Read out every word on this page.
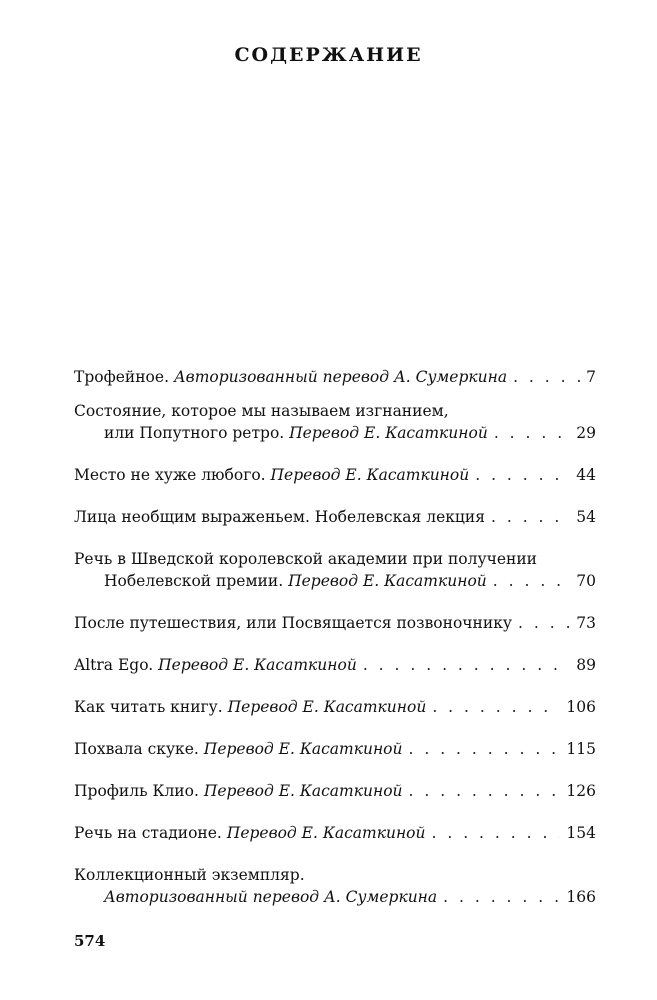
СОДЕРЖАНИЕ
Трофейное. Авторизованный перевод А. Сумеркина . . .	7
Состояние, которое мы называем изгнанием,
или Попутного ретро. Перевод Е. Касаткиной . . .	29
Место не хуже любого. Перевод Е. Касаткиной . . .	44
Лица необщим выраженьем. Нобелевская лекция . . .	54
Речь в Шведской королевской академии при получении
Нобелевской премии. Перевод Е. Касаткиной . . .	70
После путешествия, или Посвящается позвоночнику . . .	73
Altra Ego. Перевод Е. Касаткиной . . .	89
Как читать книгу. Перевод Е. Касаткиной . . .	106
Похвала скуке. Перевод Е. Касаткиной . . .	115
Профиль Клио. Перевод Е. Касаткиной . . .	126
Речь на стадионе. Перевод Е. Касаткиной . . .	154
Коллекционный экземпляр.
Авторизованный перевод А. Сумеркина . . .	166
574
